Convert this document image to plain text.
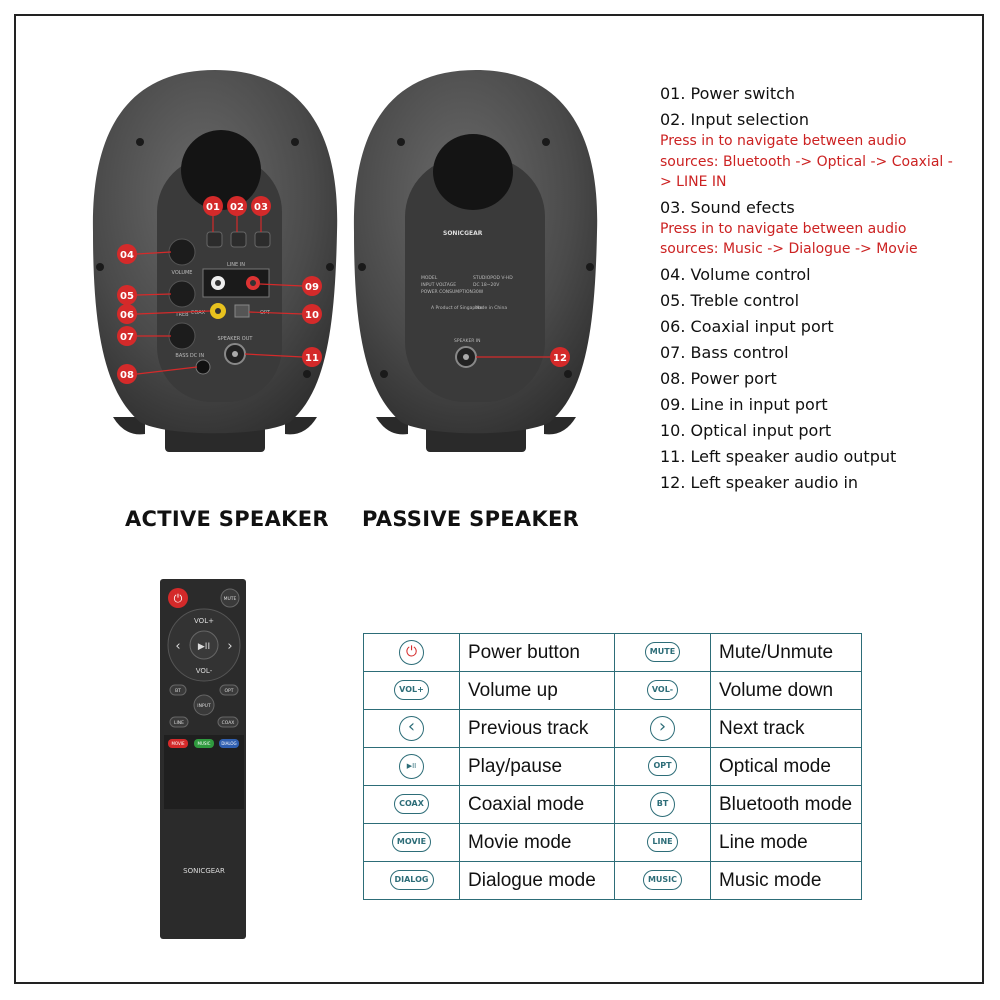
VOLUME
TREB
BASS
COAX
LINE IN
SPEAKER OUT
DC IN
01 02 03
04
05
06
07
08
09
10
11
SONICGEAR
MODEL	STUDIOPOD V-HD
INPUT VOLTAGE	DC 18~20V
POWER CONSUMPTION 30W
A Product of Singapore
Made in China
SPEAKER IN
12
ACTIVE SPEAKER PASSIVE SPEAKER
01. Power switch
02. Input selection
Press in to navigate between audio sources: Bluetooth -> Optical -> Coaxial -> LINE IN
03. Sound efects
Press in to navigate between audio sources: Music -> Dialogue -> Movie
04. Volume control
05. Treble control
06. Coaxial input port
07. Bass control
08. Power port
09. Line in input port
10. Optical input port
11. Left speaker audio output
12. Left speaker audio in
⏻	MUTE
▶II
VOL+
VOL-
‹	›
BT	OPT
INPUT
LINE	COAX
MOVIE	MUSIC	DIALOG
SONICGEAR
⏻	Power button	MUTE	Mute/Unmute
VOL+	Volume up	VOL-	Volume down
‹	Previous track	›	Next track
▶II	Play/pause	OPT	Optical mode
COAX	Coaxial mode	BT	Bluetooth mode
MOVIE	Movie mode	LINE	Line mode
DIALOG	Dialogue mode	MUSIC	Music mode
